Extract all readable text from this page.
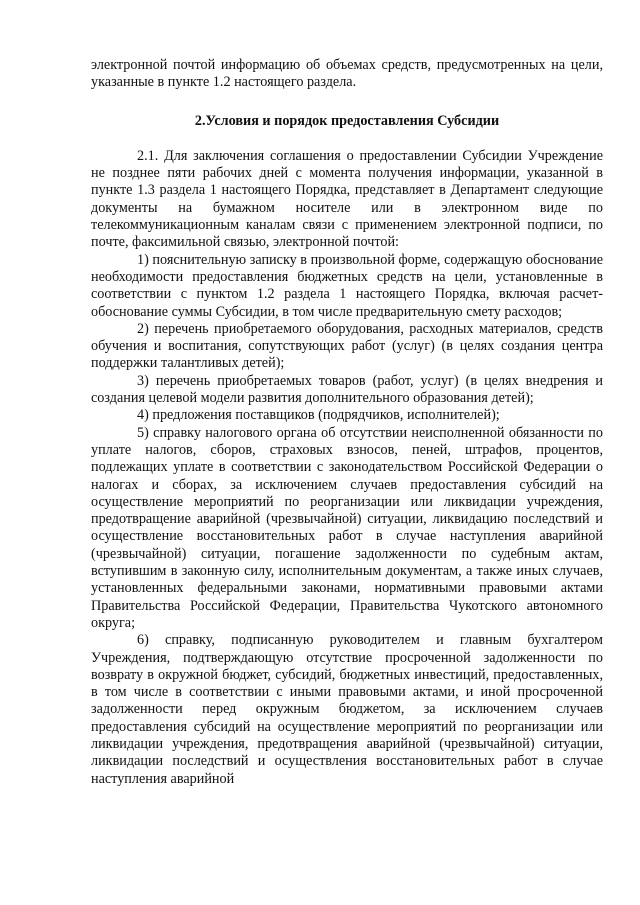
электронной почтой информацию об объемах средств, предусмотренных на цели, указанные в пункте 1.2 настоящего раздела.

2.Условия и порядок предоставления Субсидии

2.1. Для заключения соглашения о предоставлении Субсидии Учреждение не позднее пяти рабочих дней с момента получения информации, указанной в пункте 1.3 раздела 1 настоящего Порядка, представляет в Департамент следующие документы на бумажном носителе или в электронном виде по телекоммуникационным каналам связи с применением электронной подписи, по почте, факсимильной связью, электронной почтой:

1) пояснительную записку в произвольной форме, содержащую обоснование необходимости предоставления бюджетных средств на цели, установленные в соответствии с пунктом 1.2 раздела 1 настоящего Порядка, включая расчет-обоснование суммы Субсидии, в том числе предварительную смету расходов;

2) перечень приобретаемого оборудования, расходных материалов, средств обучения и воспитания, сопутствующих работ (услуг) (в целях создания центра поддержки талантливых детей);

3) перечень приобретаемых товаров (работ, услуг) (в целях внедрения и создания целевой модели развития дополнительного образования детей);

4) предложения поставщиков (подрядчиков, исполнителей);

5) справку налогового органа об отсутствии неисполненной обязанности по уплате налогов, сборов, страховых взносов, пеней, штрафов, процентов, подлежащих уплате в соответствии с законодательством Российской Федерации о налогах и сборах, за исключением случаев предоставления субсидий на осуществление мероприятий по реорганизации или ликвидации учреждения, предотвращение аварийной (чрезвычайной) ситуации, ликвидацию последствий и осуществление восстановительных работ в случае наступления аварийной (чрезвычайной) ситуации, погашение задолженности по судебным актам, вступившим в законную силу, исполнительным документам, а также иных случаев, установленных федеральными законами, нормативными правовыми актами Правительства Российской Федерации, Правительства Чукотского автономного округа;

6) справку, подписанную руководителем и главным бухгалтером Учреждения, подтверждающую отсутствие просроченной задолженности по возврату в окружной бюджет, субсидий, бюджетных инвестиций, предоставленных, в том числе в соответствии с иными правовыми актами, и иной просроченной задолженности перед окружным бюджетом, за исключением случаев предоставления субсидий на осуществление мероприятий по реорганизации или ликвидации учреждения, предотвращения аварийной (чрезвычайной) ситуации, ликвидации последствий и осуществления восстановительных работ в случае наступления аварийной
